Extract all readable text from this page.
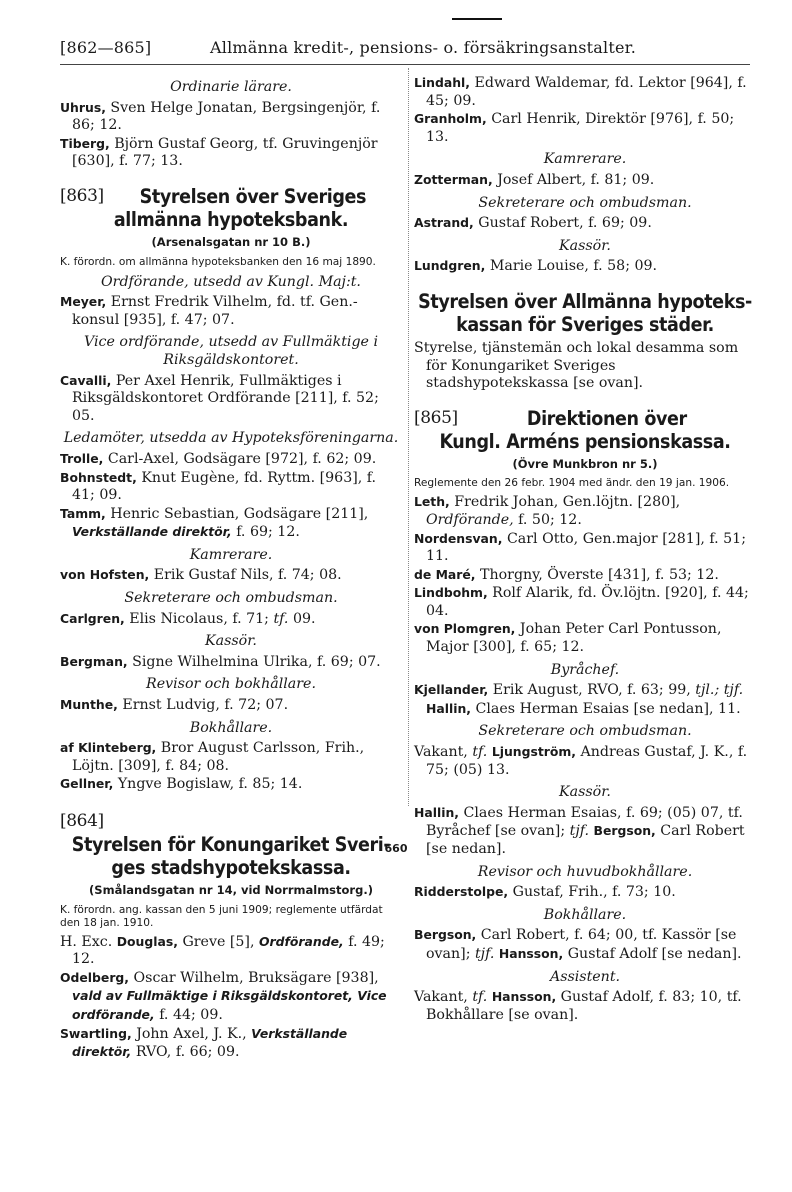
[862—865]	Allmänna kredit-, pensions- o. försäkringsanstalter.
Ordinarie lärare.

Uhrus, Sven Helge Jonatan, Bergsingenjör, f. 86; 12.

Tiberg, Björn Gustaf Georg, tf. Gruvingenjör [630], f. 77; 13.

[863] Styrelsen över Sveriges
allmänna hypoteksbank.
(Arsenalsgatan nr 10 B.)
K. förordn. om allmänna hypoteksbanken den 16 maj 1890.
Ordförande, utsedd av Kungl. Maj:t.

Meyer, Ernst Fredrik Vilhelm, fd. tf. Gen.-konsul [935], f. 47; 07.

Vice ordförande, utsedd av Fullmäktige i Riksgäldskontoret.

Cavalli, Per Axel Henrik, Fullmäktiges i Riksgäldskontoret Ordförande [211], f. 52; 05.

Ledamöter, utsedda av Hypoteksföreningarna.

Trolle, Carl-Axel, Godsägare [972], f. 62; 09.

Bohnstedt, Knut Eugène, fd. Ryttm. [963], f. 41; 09.

Tamm, Henric Sebastian, Godsägare [211], Verkställande direktör, f. 69; 12.

Kamrerare.

von Hofsten, Erik Gustaf Nils, f. 74; 08.

Sekreterare och ombudsman.

Carlgren, Elis Nicolaus, f. 71; tf. 09.

Kassör.

Bergman, Signe Wilhelmina Ulrika, f. 69; 07.

Revisor och bokhållare.

Munthe, Ernst Ludvig, f. 72; 07.

Bokhållare.

af Klinteberg, Bror August Carlsson, Frih., Löjtn. [309], f. 84; 08.

Gellner, Yngve Bogislaw, f. 85; 14.

[864]
Styrelsen för Konungariket Sveri-
ges stadshypotekskassa.
(Smålandsgatan nr 14, vid Norrmalmstorg.)
K. förordn. ang. kassan den 5 juni 1909; reglemente utfärdat den 18 jan. 1910.

H. Exc. Douglas, Greve [5], Ordförande, f. 49; 12.

Odelberg, Oscar Wilhelm, Bruksägare [938], vald av Fullmäktige i Riksgäldskontoret, Vice ordförande, f. 44; 09.

Swartling, John Axel, J. K., Verkställande direktör, RVO, f. 66; 09.

Lindahl, Edward Waldemar, fd. Lektor [964], f. 45; 09.

Granholm, Carl Henrik, Direktör [976], f. 50; 13.

Kamrerare.

Zotterman, Josef Albert, f. 81; 09.

Sekreterare och ombudsman.

Astrand, Gustaf Robert, f. 69; 09.

Kassör.

Lundgren, Marie Louise, f. 58; 09.

Styrelsen över Allmänna hypoteks-
kassan för Sveriges städer.

Styrelse, tjänstemän och lokal desamma som för Konungariket Sveriges stadshypotekskassa [se ovan].

[865]	Direktionen över
Kungl. Arméns pensionskassa.
(Övre Munkbron nr 5.)
Reglemente den 26 febr. 1904 med ändr. den 19 jan. 1906.

Leth, Fredrik Johan, Gen.löjtn. [280], Ordförande, f. 50; 12.

Nordensvan, Carl Otto, Gen.major [281], f. 51; 11.

de Maré, Thorgny, Överste [431], f. 53; 12.

Lindbohm, Rolf Alarik, fd. Öv.löjtn. [920], f. 44; 04.

von Plomgren, Johan Peter Carl Pontusson, Major [300], f. 65; 12.

Byråchef.

Kjellander, Erik August, RVO, f. 63; 99, tjl.; tjf. Hallin, Claes Herman Esaias [se nedan], 11.

Sekreterare och ombudsman.

Vakant, tf. Ljungström, Andreas Gustaf, J. K., f. 75; (05) 13.

Kassör.

Hallin, Claes Herman Esaias, f. 69; (05) 07, tf. Byråchef [se ovan]; tjf. Bergson, Carl Robert [se nedan].

Revisor och huvudbokhållare.

Ridderstolpe, Gustaf, Frih., f. 73; 10.

Bokhållare.

Bergson, Carl Robert, f. 64; 00, tf. Kassör [se ovan]; tjf. Hansson, Gustaf Adolf [se nedan].

Assistent.

Vakant, tf. Hansson, Gustaf Adolf, f. 83; 10, tf. Bokhållare [se ovan].

660
